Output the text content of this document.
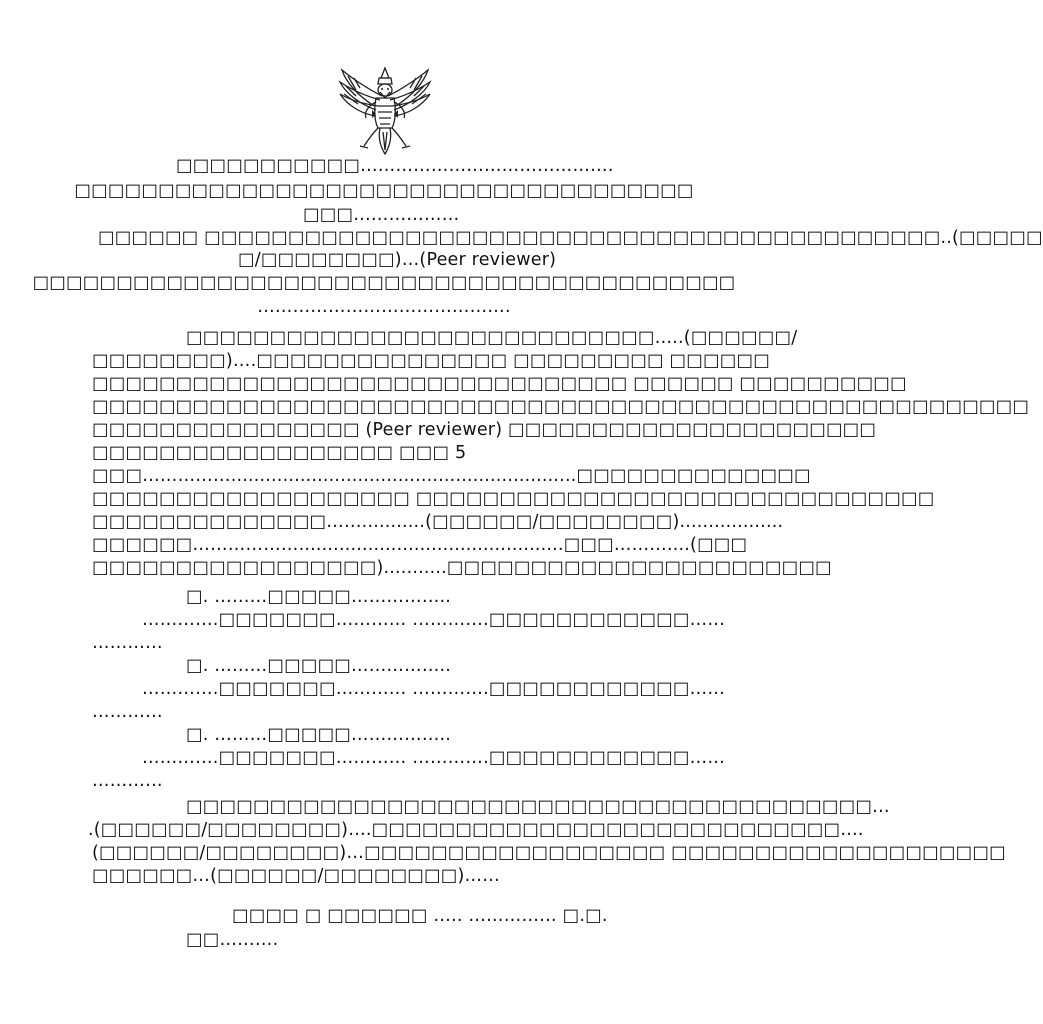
□□□□□□□□□□□…………………………………….
□□□□□□□□□□□□□□□□□□□□□□□□□□□□□□□□□□□□□
□□□………………
□□□□□□ □□□□□□□□□□□□□□□□□□□□□□□□□□□□□□□□□□□□□□□□□□□□..(□□□□□
□/□□□□□□□□)…(Peer reviewer)
□□□□□□□□□□□□□□□□□□□□□□□□□□□□□□□□□□□□□□□□□□
…………………………………….
□□□□□□□□□□□□□□□□□□□□□□□□□□□□…..(□□□□□□/
□□□□□□□□)….□□□□□□□□□□□□□□□ □□□□□□□□□ □□□□□□
□□□□□□□□□□□□□□□□□□□□□□□□□□□□□□□□ □□□□□□ □□□□□□□□□□
□□□□□□□□□□□□□□□□□□□□□□□□□□□□□□□□□□□□□□□□□□□□□□□□□□□□□□□□
□□□□□□□□□□□□□□□□ (Peer reviewer) □□□□□□□□□□□□□□□□□□□□□□
□□□□□□□□□□□□□□□□□□ □□□ 5
□□□……………............................................................□□□□□□□□□□□□□□
□□□□□□□□□□□□□□□□□□□ □□□□□□□□□□□□□□□□□□□□□□□□□□□□□□□
□□□□□□□□□□□□□□……...........(□□□□□□/□□□□□□□□)..................
□□□□□□………………..............................................□□□………....(□□□
□□□□□□□□□□□□□□□□□)...........□□□□□□□□□□□□□□□□□□□□□□□
□. ………□□□□□……………..
………….□□□□□□□………… ………….□□□□□□□□□□□□……
…………
□. ………□□□□□……………..
………….□□□□□□□………… ………….□□□□□□□□□□□□……
…………
□. ………□□□□□……………..
………….□□□□□□□………… ………….□□□□□□□□□□□□……
…………
□□□□□□□□□□□□□□□□□□□□□□□□□□□□□□□□□□□□□□□□□…
.(□□□□□□/□□□□□□□□)….□□□□□□□□□□□□□□□□□□□□□□□□□□□□….
(□□□□□□/□□□□□□□□)…□□□□□□□□□□□□□□□□□□ □□□□□□□□□□□□□□□□□□□□
□□□□□□…(□□□□□□/□□□□□□□□)……
□□□□ □ □□□□□□ ….. …………… □.□.
□□……….
